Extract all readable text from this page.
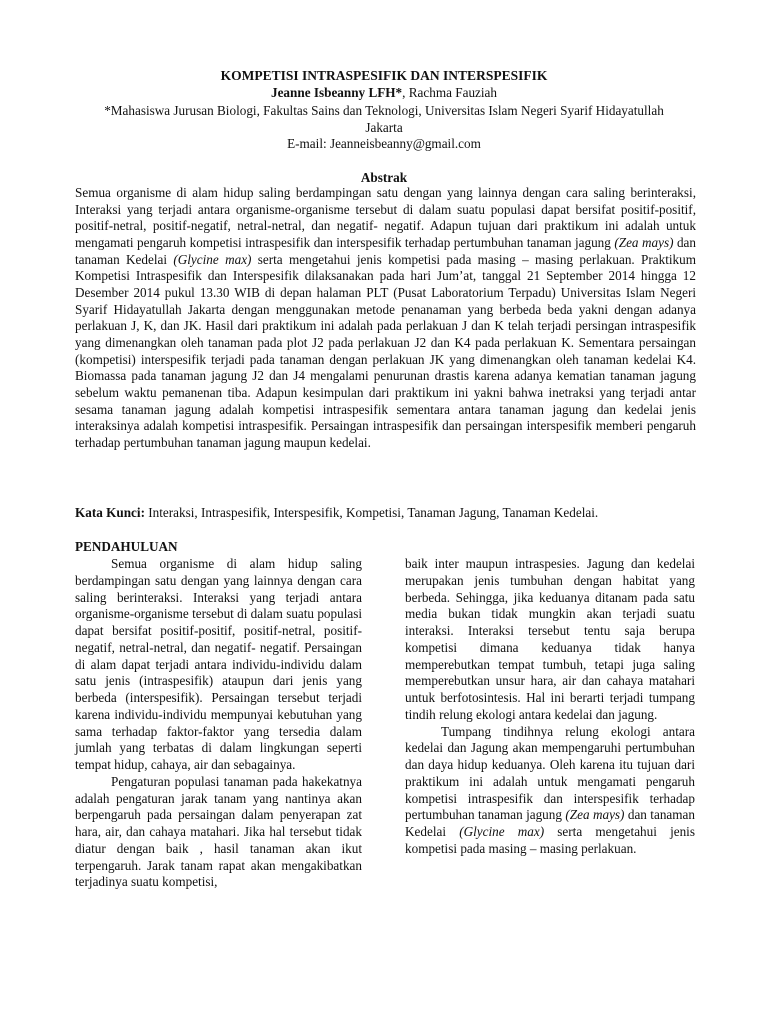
KOMPETISI INTRASPESIFIK DAN INTERSPESIFIK
Jeanne Isbeanny LFH*, Rachma Fauziah
*Mahasiswa Jurusan Biologi, Fakultas Sains dan Teknologi, Universitas Islam Negeri Syarif Hidayatullah Jakarta
E-mail: Jeanneisbeanny@gmail.com
Abstrak

Semua organisme di alam hidup saling berdampingan satu dengan yang lainnya dengan cara saling berinteraksi, Interaksi yang terjadi antara organisme-organisme tersebut di dalam suatu populasi dapat bersifat positif-positif, positif-netral, positif-negatif, netral-netral, dan negatif- negatif. Adapun tujuan dari praktikum ini adalah untuk mengamati pengaruh kompetisi intraspesifik dan interspesifik terhadap pertumbuhan tanaman jagung (Zea mays) dan tanaman Kedelai (Glycine max) serta mengetahui jenis kompetisi pada masing – masing perlakuan. Praktikum Kompetisi Intraspesifik dan Interspesifik dilaksanakan pada hari Jum’at, tanggal 21 September 2014 hingga 12 Desember 2014 pukul 13.30 WIB di depan halaman PLT (Pusat Laboratorium Terpadu) Universitas Islam Negeri Syarif Hidayatullah Jakarta dengan menggunakan metode penanaman yang berbeda beda yakni dengan adanya perlakuan J, K, dan JK. Hasil dari praktikum ini adalah pada perlakuan J dan K telah terjadi persingan intraspesifik yang dimenangkan oleh tanaman pada plot J2 pada perlakuan J2 dan K4 pada perlakuan K. Sementara persaingan (kompetisi) interspesifik terjadi pada tanaman dengan perlakuan JK yang dimenangkan oleh tanaman kedelai K4. Biomassa pada tanaman jagung J2 dan J4 mengalami penurunan drastis karena adanya kematian tanaman jagung sebelum waktu pemanenan tiba. Adapun kesimpulan dari praktikum ini yakni bahwa inetraksi yang terjadi antar sesama tanaman jagung adalah kompetisi intraspesifik sementara antara tanaman jagung dan kedelai jenis interaksinya adalah kompetisi intraspesifik. Persaingan intraspesifik dan persaingan interspesifik memberi pengaruh terhadap pertumbuhan tanaman jagung maupun kedelai.

Kata Kunci: Interaksi, Intraspesifik, Interspesifik, Kompetisi, Tanaman Jagung, Tanaman Kedelai.

PENDAHULUAN

Semua organisme di alam hidup saling berdampingan satu dengan yang lainnya dengan cara saling berinteraksi. Interaksi yang terjadi antara organisme-organisme tersebut di dalam suatu populasi dapat bersifat positif-positif, positif-netral, positif-negatif, netral-netral, dan negatif- negatif. Persaingan di alam dapat terjadi antara individu-individu dalam satu jenis (intraspesifik) ataupun dari jenis yang berbeda (interspesifik). Persaingan tersebut terjadi karena individu-individu mempunyai kebutuhan yang sama terhadap faktor-faktor yang tersedia dalam jumlah yang terbatas di dalam lingkungan seperti tempat hidup, cahaya, air dan sebagainya.

Pengaturan populasi tanaman pada hakekatnya adalah pengaturan jarak tanam yang nantinya akan berpengaruh pada persaingan dalam penyerapan zat hara, air, dan cahaya matahari. Jika hal tersebut tidak diatur dengan baik , hasil tanaman akan ikut terpengaruh. Jarak tanam rapat akan mengakibatkan terjadinya suatu kompetisi,

baik inter maupun intraspesies. Jagung dan kedelai merupakan jenis tumbuhan dengan habitat yang berbeda. Sehingga, jika keduanya ditanam pada satu media bukan tidak mungkin akan terjadi suatu interaksi. Interaksi tersebut tentu saja berupa kompetisi dimana keduanya tidak hanya memperebutkan tempat tumbuh, tetapi juga saling memperebutkan unsur hara, air dan cahaya matahari untuk berfotosintesis. Hal ini berarti terjadi tumpang tindih relung ekologi antara kedelai dan jagung.

Tumpang tindihnya relung ekologi antara kedelai dan Jagung akan mempengaruhi pertumbuhan dan daya hidup keduanya. Oleh karena itu tujuan dari praktikum ini adalah untuk mengamati pengaruh kompetisi intraspesifik dan interspesifik terhadap pertumbuhan tanaman jagung (Zea mays) dan tanaman Kedelai (Glycine max) serta mengetahui jenis kompetisi pada masing – masing perlakuan.
